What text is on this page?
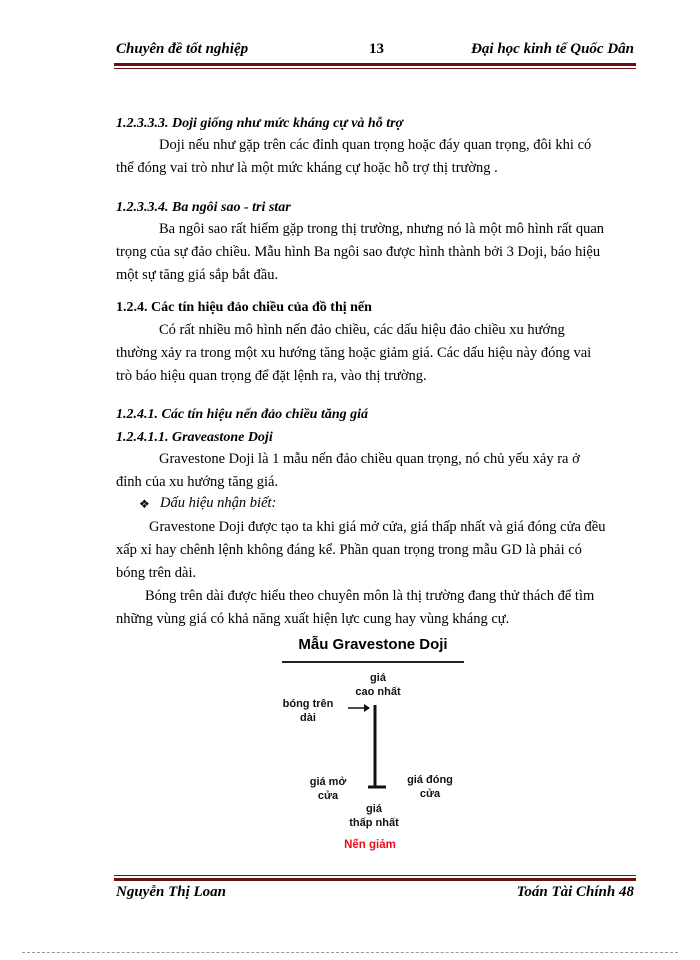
Chuyên đề tốt nghiệp	13	Đại học kinh tế Quốc Dân
1.2.3.3.3. Doji giống như mức kháng cự và hỗ trợ
Doji nếu như gặp trên các đỉnh quan trọng hoặc đáy quan trọng, đôi khi có
thể đóng vai trò như là một mức kháng cự hoặc hỗ trợ thị trường .
1.2.3.3.4. Ba ngôi sao - tri star
Ba ngôi sao rất hiếm gặp trong thị trường, nhưng nó là một mô hình rất quan
trọng của sự đảo chiều. Mẫu hình Ba ngôi sao được hình thành bởi 3 Doji, báo hiệu
một sự tăng giá sắp bắt đầu.
1.2.4. Các tín hiệu đảo chiều của đồ thị nến
Có rất nhiều mô hình nến đảo chiều, các dấu hiệu đảo chiều xu hướng
thường xảy ra trong một xu hướng tăng hoặc giảm giá. Các dấu hiệu này đóng vai
trò báo hiệu quan trọng để đặt lệnh ra, vào thị trường.
1.2.4.1. Các tín hiệu nến đảo chiều tăng giá
1.2.4.1.1. Graveastone Doji
Gravestone Doji là 1 mẫu nến đảo chiều quan trọng, nó chủ yếu xảy ra ở
đỉnh của xu hướng tăng giá.
❖ Dấu hiệu nhận biết:
Gravestone Doji được tạo ta khi giá mở cửa, giá thấp nhất và giá đóng cửa đều
xấp xỉ hay chênh lệnh không đáng kể. Phần quan trọng trong mẫu GD là phải có
bóng trên dài.
Bóng trên dài được hiểu theo chuyên môn là thị trường đang thử thách để tìm
những vùng giá có khả năng xuất hiện lực cung hay vùng kháng cự.
Mẫu Gravestone Doji
giá
cao nhất
bóng trên
dài
giá mở
cửa
giá đóng
cửa
giá
thấp nhất
Nến giảm
Nguyễn Thị Loan	Toán Tài Chính 48
